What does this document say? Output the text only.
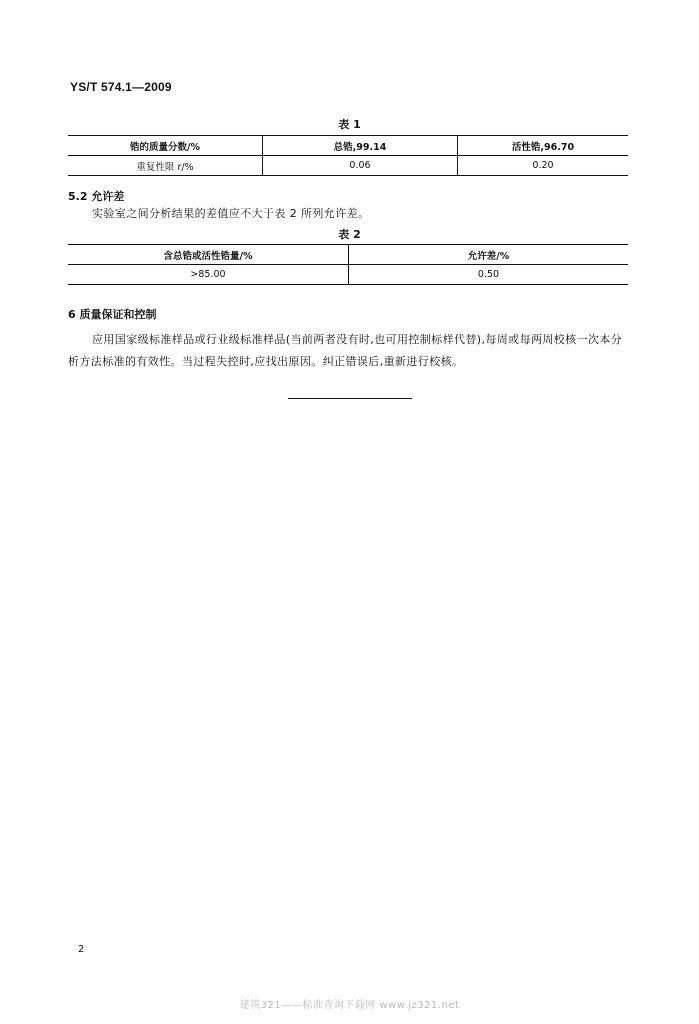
YS/T 574.1—2009
表 1
锆的质量分数/%	总锆,99.14	活性锆,96.70
重复性限 r/%	0.06	0.20
5.2 允许差
实验室之间分析结果的差值应不大于表 2 所列允许差。
表 2
含总锆或活性锆量/%	允许差/%
>85.00	0.50
6 质量保证和控制
应用国家级标准样品或行业级标准样品(当前两者没有时,也可用控制标样代替),每周或每两周校核一次本分析方法标准的有效性。当过程失控时,应找出原因。纠正错误后,重新进行校核。
2
建筑321——标准查询下载网 www.jz321.net
